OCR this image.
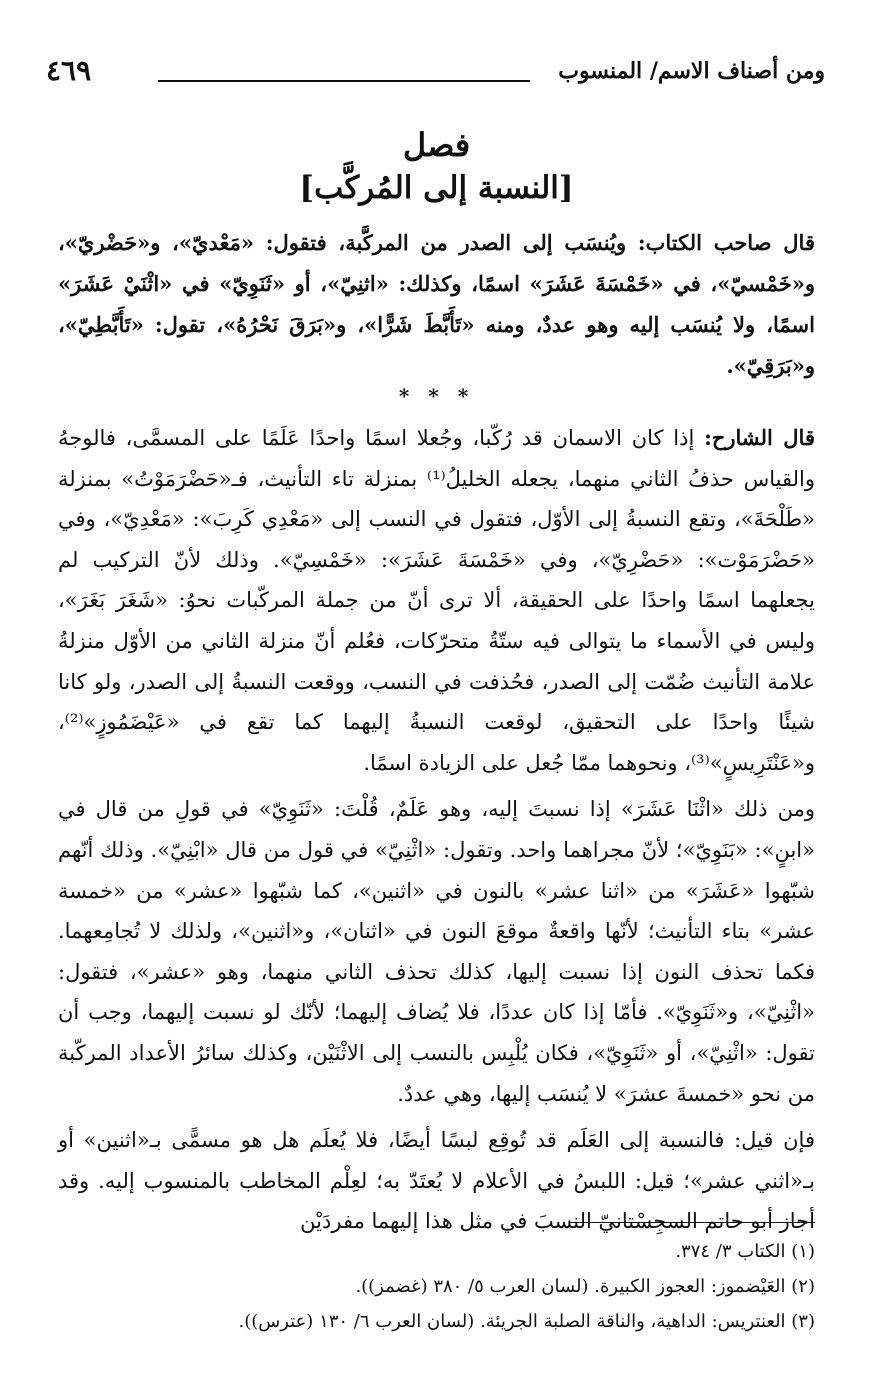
ومن أصناف الاسم/ المنسوب
٤٦٩
فصل
[النسبة إلى المُركَّب]
قال صاحب الكتاب: ويُنسَب إلى الصدر من المركَّبة، فتقول: «مَعْديّ»، و«حَضْريّ»، و«خَمْسيّ»، في «خَمْسَةَ عَشَرَ» اسمًا، وكذلك: «اثنِيّ»، أو «ثَنَوِيّ» في «اثْنَيْ عَشَرَ» اسمًا، ولا يُنسَب إليه وهو عددٌ، ومنه «تَأَبَّطَ شَرًّا»، و«بَرَقَ نَحْرُهُ»، تقول: «تَأَبَّطِيّ»، و«بَرَقِيّ».
* * *

قال الشارح: إذا كان الاسمان قد رُكّبا، وجُعلا اسمًا واحدًا عَلَمًا على المسمَّى، فالوجهُ والقياس حذفُ الثاني منهما، يجعله الخليلُ⁽¹⁾ بمنزلة تاء التأنيث، فـ«حَضْرَمَوْتُ» بمنزلة «طَلْحَةَ»، وتقع النسبةُ إلى الأوّل، فتقول في النسب إلى «مَعْدِي كَرِبَ»: «مَعْدِيّ»، وفي «حَضْرَمَوْت»: «حَضْرِيّ»، وفي «خَمْسَةَ عَشَرَ»: «خَمْسِيّ». وذلك لأنّ التركيب لم يجعلهما اسمًا واحدًا على الحقيقة، ألا ترى أنّ من جملة المركّبات نحوُ: «شَغَرَ بَغَرَ»، وليس في الأسماء ما يتوالى فيه ستّةُ متحرّكات، فعُلم أنّ منزلة الثاني من الأوّل منزلةُ علامة التأنيث ضُمّت إلى الصدر، فحُذفت في النسب، ووقعت النسبةُ إلى الصدر، ولو كانا شيئًا واحدًا على التحقيق، لوقعت النسبةُ إليهما كما تقع في «عَيْضَمُوزٍ»⁽²⁾، و«عَنْتَرِيسٍ»⁽³⁾، ونحوهما ممّا جُعل على الزيادة اسمًا.

ومن ذلك «اثْنَا عَشَرَ» إذا نسبتَ إليه، وهو عَلَمٌ، قُلْتَ: «ثَنَوِيّ» في قولِ من قال في «ابنٍ»: «بَنَوِيّ»؛ لأنّ مجراهما واحد. وتقول: «اثْنِيّ» في قول من قال «ابْنِيّ». وذلك أنّهم شبّهوا «عَشَرَ» من «اثنا عشر» بالنون في «اثنين»، كما شبّهوا «عشر» من «خمسة عشر» بتاء التأنيث؛ لأنّها واقعةٌ موقعَ النون في «اثنان»، و«اثنين»، ولذلك لا تُجامِعهما. فكما تحذف النون إذا نسبت إليها، كذلك تحذف الثاني منهما، وهو «عشر»، فتقول: «اثْنِيّ»، و«ثَنَوِيّ». فأمّا إذا كان عددًا، فلا يُضاف إليهما؛ لأنّك لو نسبت إليهما، وجب أن تقول: «اثْنِيّ»، أو «ثَنَوِيّ»، فكان يُلْبِس بالنسب إلى الاثْنَيْن، وكذلك سائرُ الأعداد المركّبة من نحو «خمسةَ عشرَ» لا يُنسَب إليها، وهي عددٌ.

فإن قيل: فالنسبة إلى العَلَم قد تُوقِع لبسًا أيضًا، فلا يُعلَم هل هو مسمًّى بـ«اثنين» أو بـ«اثني عشر»؛ قيل: اللبسُ في الأعلام لا يُعتَدّ به؛ لعِلْم المخاطب بالمنسوب إليه. وقد أجاز أبو حاتم السجِسْتانيّ النسبَ في مثل هذا إليهما مفردَيْن

(١) الكتاب ٣/ ٣٧٤.
(٢) العَيْضموز: العجوز الكبيرة. (لسان العرب ٥/ ٣٨٠ (غضمز)).
(٣) العنتريس: الداهية، والناقة الصلبة الجريئة. (لسان العرب ٦/ ١٣٠ (عترس)).
